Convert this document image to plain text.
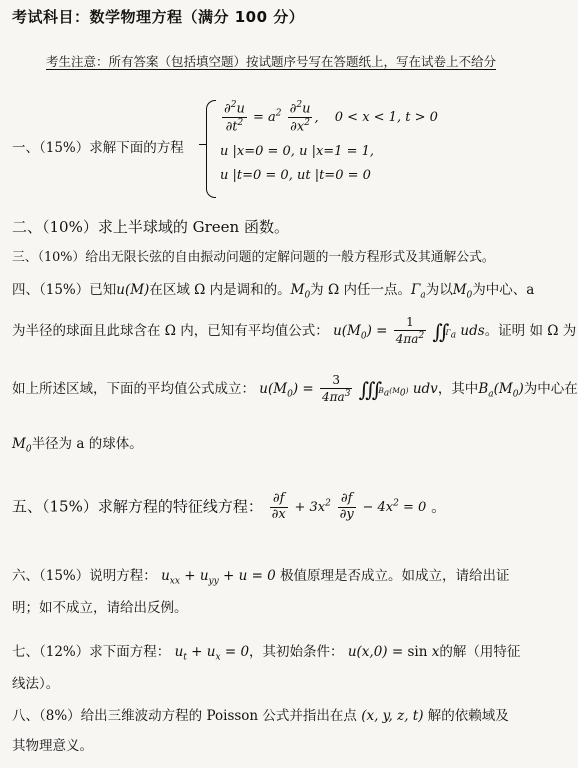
考试科目：数学物理方程（满分 100 分）
考生注意：所有答案（包括填空题）按试题序号写在答题纸上，写在试卷上不给分
一、（15%）求解下面的方程
$\frac{\partial^2u}{\partial t^2} = a^2 \frac{\partial^2u}{\partial x^2}$ , 0 < x < 1, t > 0
u |x=0 = 0, u |x=1 = 1,
u |t=0 = 0, ut |t=0 = 0
二、（10%）求上半球域的 Green 函数。
三、（10%）给出无限长弦的自由振动问题的定解问题的一般方程形式及其通解公式。
四、（15%）已知u(M)在区域 Ω 内是调和的。$M_0$为 Ω 内任一点。$\Gamma_a$为以$M_0$为中心、a
为半径的球面且此球含在 Ω 内，已知有平均值公式： $u(M_0) = \frac{1}{4\pi a^2}$ $∬\Gamma_a$ uds。证明 如 Ω 为
如上所述区域，下面的平均值公式成立： $u(M_0) = \frac{3}{4\pi a^3}$ $∭B_a(M_0)$ udv，其中$B_a(M_0)$为中心在
$M_0$半径为 a 的球体。
五、（15%）求解方程的特征线方程： $\frac{\partial f}{\partial x} + 3x^2 \frac{\partial f}{\partial y} - 4x^2 = 0$ 。
六、（15%）说明方程： $u_{xx} + u_{yy} + u = 0$ 极值原理是否成立。如成立，请给出证
明；如不成立，请给出反例。
七、（12%）求下面方程： $u_t + u_x = 0$，其初始条件： u(x,0) = sin x的解（用特征
线法）。
八、（8%）给出三维波动方程的 Poisson 公式并指出在点 (x, y, z, t) 解的依赖域及
其物理意义。
